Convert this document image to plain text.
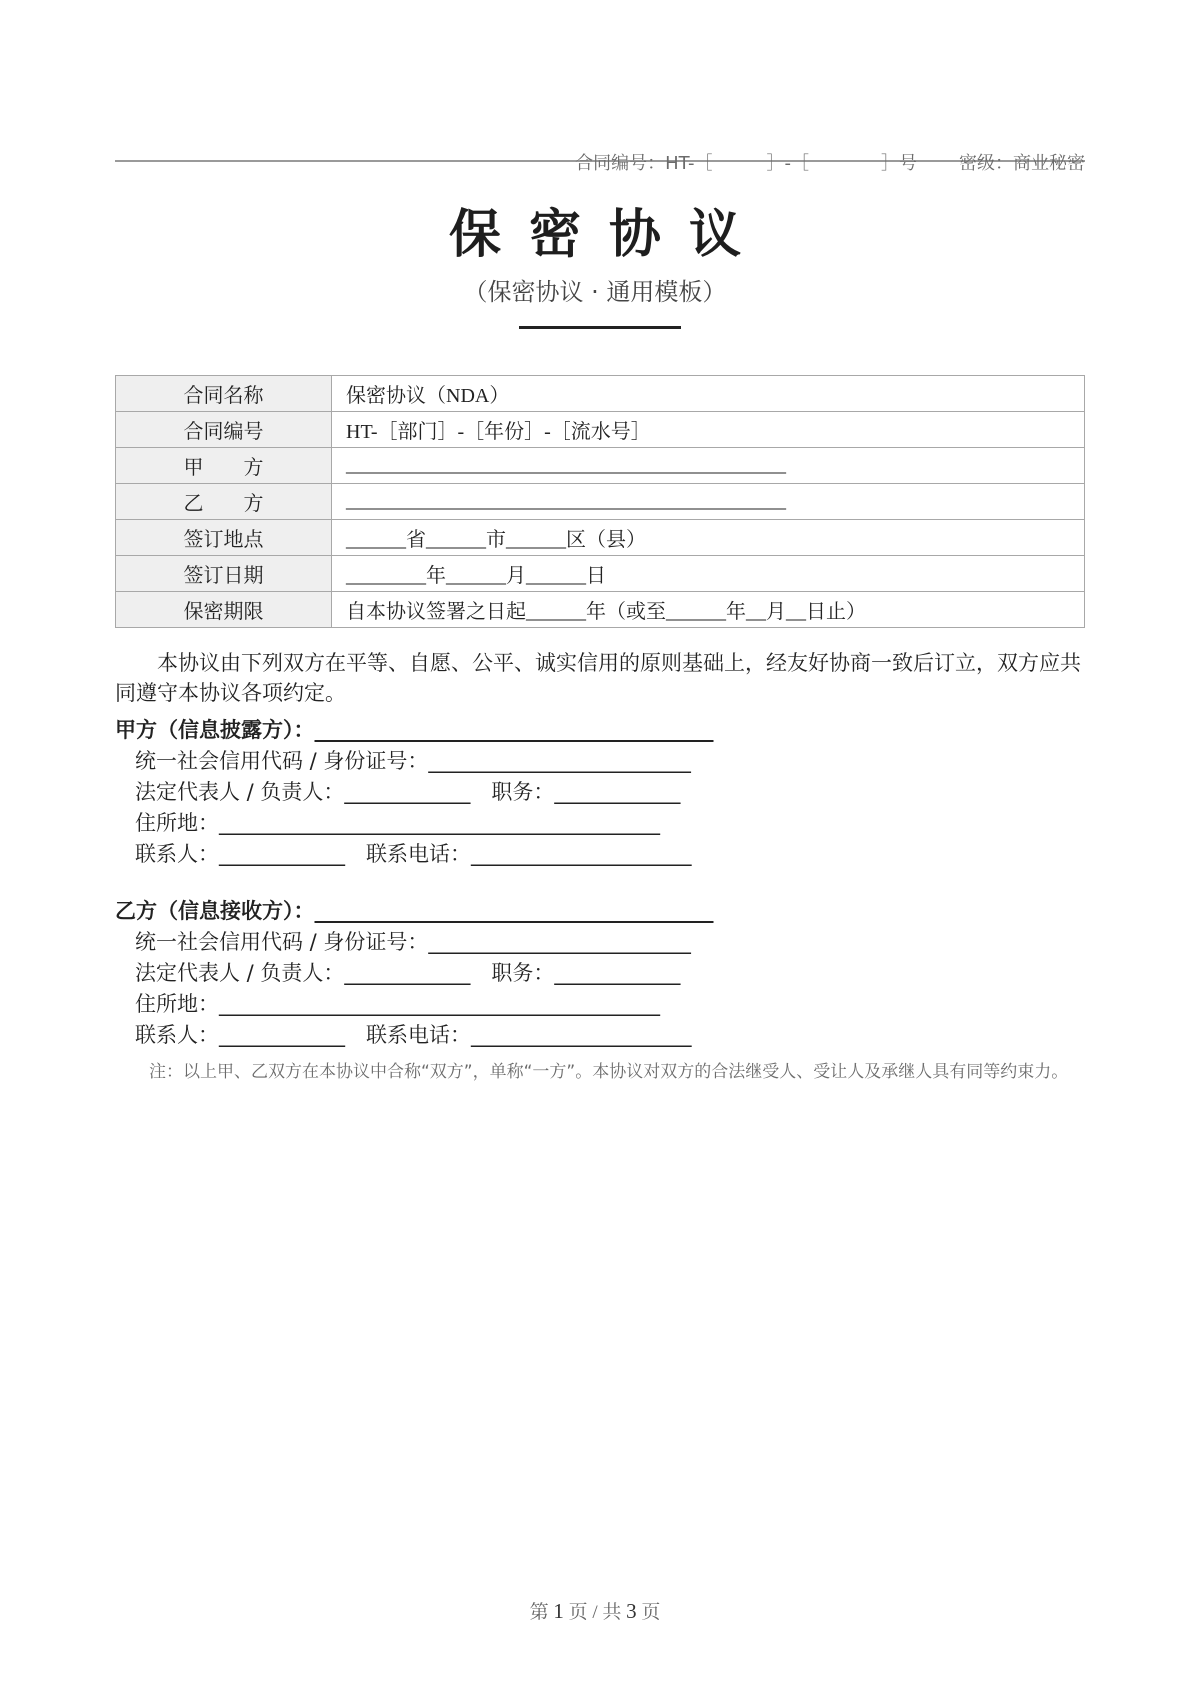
合同编号：HT-［　　　］-［　　　　］号 密级：商业秘密

保密协议
（保密协议 · 通用模板）
合同名称	保密协议（NDA）
合同编号	HT-［部门］-［年份］-［流水号］
甲　　方	____________________________________________
乙　　方	____________________________________________
签订地点	______省______市______区（县）
签订日期	________年______月______日
保密期限	自本协议签署之日起______年（或至______年__月__日止）
本协议由下列双方在平等、自愿、公平、诚实信用的原则基础上，经友好协商一致后订立，双方应共同遵守本协议各项约定。
甲方（信息披露方）：______________________________________
统一社会信用代码 / 身份证号：_________________________
法定代表人 / 负责人：____________　职务：____________
住所地：__________________________________________
联系人：____________　联系电话：_____________________
乙方（信息接收方）：______________________________________
统一社会信用代码 / 身份证号：_________________________
法定代表人 / 负责人：____________　职务：____________
住所地：__________________________________________
联系人：____________　联系电话：_____________________
注：以上甲、乙双方在本协议中合称“双方”，单称“一方”。本协议对双方的合法继受人、受让人及承继人具有同等约束力。
第 1 页 / 共 3 页
